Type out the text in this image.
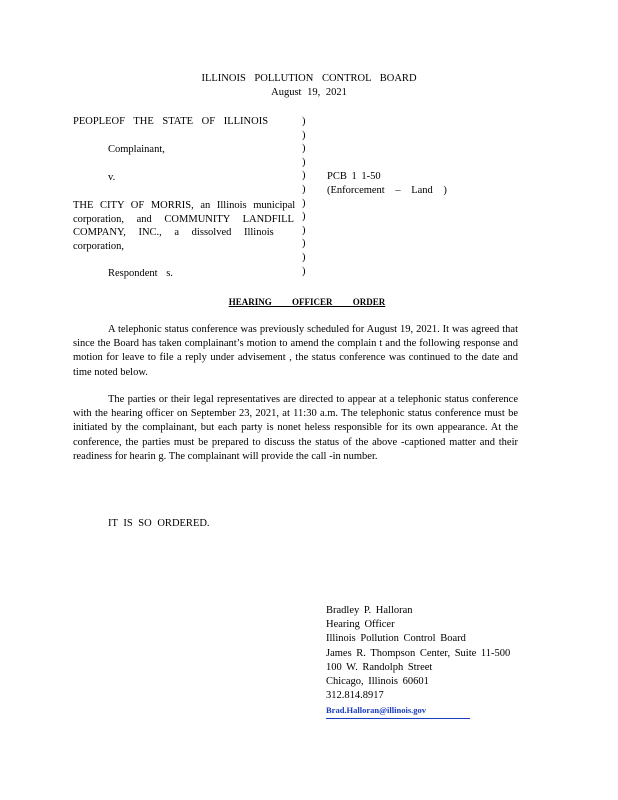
ILLINOIS POLLUTION CONTROL BOARD
August 19, 2021
PEOPLEOF THE STATE OF ILLINOIS
Complainant,
v.
THE CITY OF MORRIS, an Illinois municipal
corporation, and COMMUNITY LANDFILL
COMPANY, INC., a dissolved Illinois
corporation,
Respondent s.
)
)
)
)
)
)
)
)
)
)
)
)
PCB 1 1-50
(Enforcement – Land )
HEARING OFFICER ORDER
A telephonic status conference was previously scheduled for August 19, 2021. It was agreed that since the Board has taken complainant’s motion to amend the complain t and the following response and motion for leave to file a reply under advisement , the status conference was continued to the date and time noted below.
The parties or their legal representatives are directed to appear at a telephonic status conference with the hearing officer on September 23, 2021, at 11:30 a.m. The telephonic status conference must be initiated by the complainant, but each party is nonet heless responsible for its own appearance. At the conference, the parties must be prepared to discuss the status of the above -captioned matter and their readiness for hearin g. The complainant will provide the call -in number.
IT IS SO ORDERED.
Bradley P. Halloran
Hearing Officer
Illinois Pollution Control Board
James R. Thompson Center, Suite 11-500
100 W. Randolph Street
Chicago, Illinois 60601
312.814.8917
Brad.Halloran@illinois.gov
